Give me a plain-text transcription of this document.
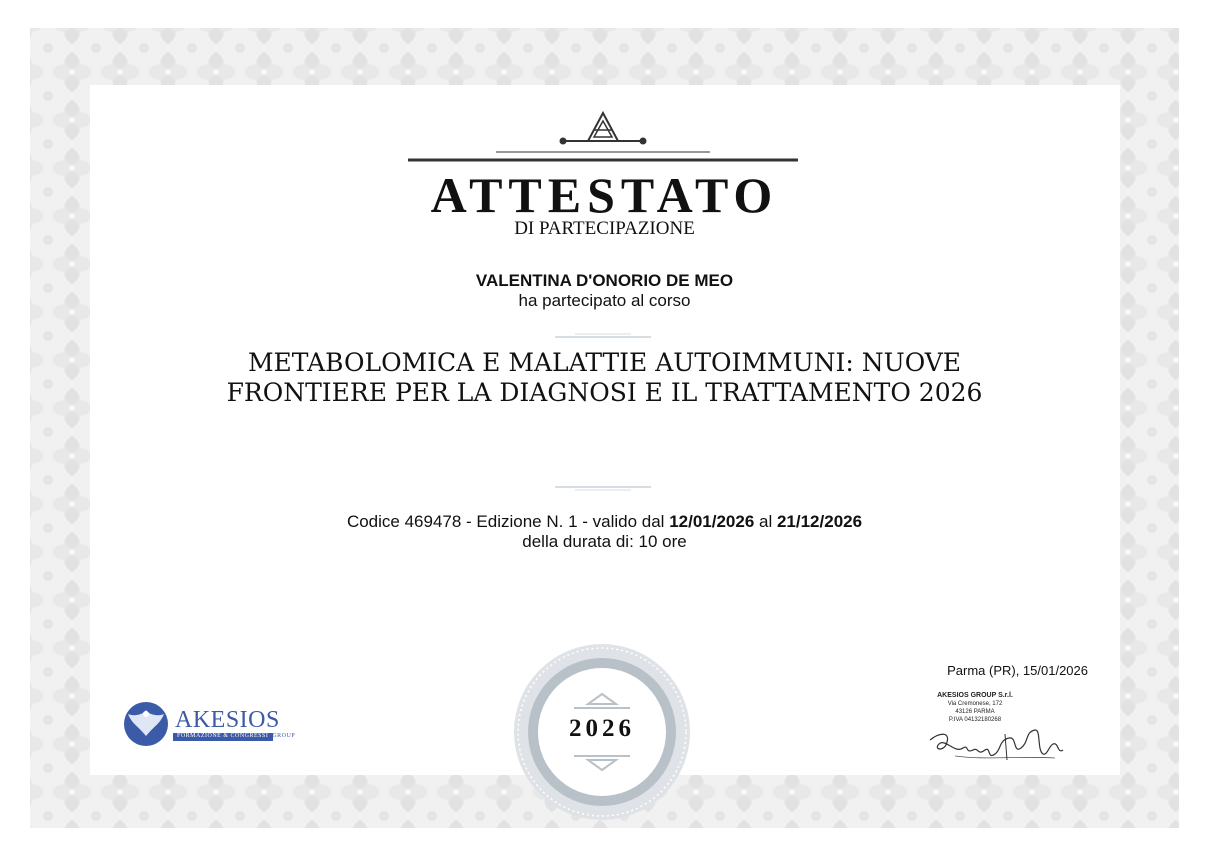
ATTESTATO
DI PARTECIPAZIONE
VALENTINA D'ONORIO DE MEO
ha partecipato al corso
METABOLOMICA E MALATTIE AUTOIMMUNI: NUOVE
FRONTIERE PER LA DIAGNOSI E IL TRATTAMENTO 2026
Codice 469478 - Edizione N. 1 - valido dal 12/01/2026 al 21/12/2026
della durata di: 10 ore
2026
AKESIOS
FORMAZIONE & CONGRESSI GROUP
Parma (PR), 15/01/2026
AKESIOS GROUP S.r.l.
Via Cremonese, 172
43126 PARMA
P.IVA 04132180268
